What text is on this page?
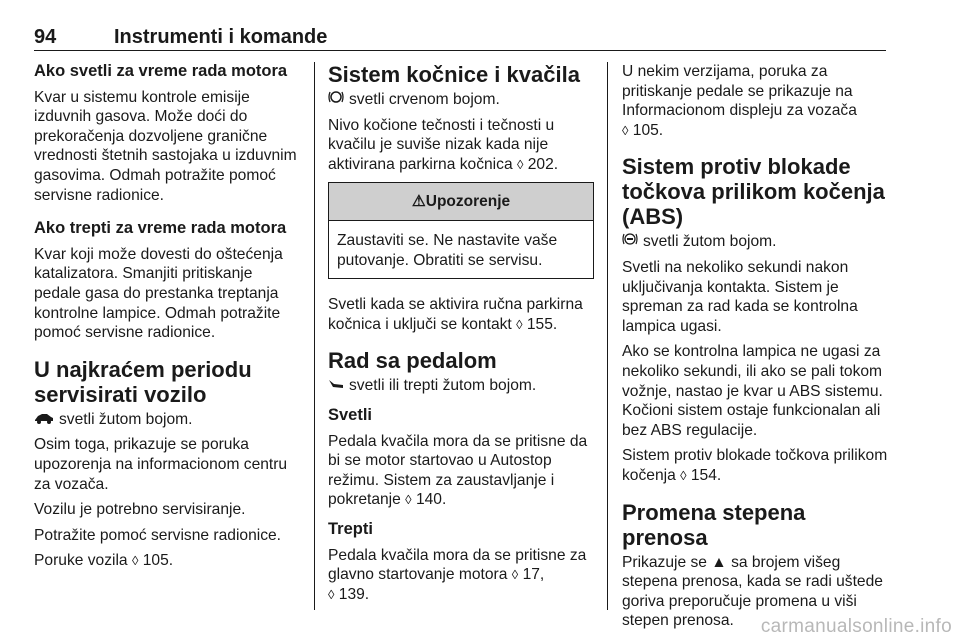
94	Instrumenti i komande
Ako svetli za vreme rada motora

Kvar u sistemu kontrole emisije izduvnih gasova. Može doći do prekoračenja dozvoljene granične vrednosti štetnih sastojaka u izduvnim gasovima. Odmah potražite pomoć servisne radionice.

Ako trepti za vreme rada motora

Kvar koji može dovesti do oštećenja katalizatora. Smanjiti pritiskanje pedale gasa do prestanka treptanja kontrolne lampice. Odmah potražite pomoć servisne radionice.

U najkraćem periodu servisirati vozilo

svetli žutom bojom.

Osim toga, prikazuje se poruka upozorenja na informacionom centru za vozača.

Vozilu je potrebno servisiranje.

Potražite pomoć servisne radionice.

Poruke vozila ◊ 105.

Sistem kočnice i kvačila

svetli crvenom bojom.

Nivo kočione tečnosti i tečnosti u kvačilu je suviše nizak kada nije aktivirana parkirna kočnica ◊ 202.

⚠Upozorenje
Zaustaviti se. Ne nastavite vaše putovanje. Obratiti se servisu.

Svetli kada se aktivira ručna parkirna kočnica i uključi se kontakt ◊ 155.

Rad sa pedalom

svetli ili trepti žutom bojom.

Svetli

Pedala kvačila mora da se pritisne da bi se motor startovao u Autostop režimu. Sistem za zaustavljanje i pokretanje ◊ 140.

Trepti

Pedala kvačila mora da se pritisne za glavno startovanje motora ◊ 17,
◊ 139.

U nekim verzijama, poruka za pritiskanje pedale se prikazuje na Informacionom displeju za vozača
◊ 105.

Sistem protiv blokade točkova prilikom kočenja (ABS)

svetli žutom bojom.

Svetli na nekoliko sekundi nakon uključivanja kontakta. Sistem je spreman za rad kada se kontrolna lampica ugasi.

Ako se kontrolna lampica ne ugasi za nekoliko sekundi, ili ako se pali tokom vožnje, nastao je kvar u ABS sistemu. Kočioni sistem ostaje funkcionalan ali bez ABS regulacije.

Sistem protiv blokade točkova prilikom kočenja ◊ 154.

Promena stepena prenosa

Prikazuje se ▲ sa brojem višeg stepena prenosa, kada se radi uštede goriva preporučuje promena u viši stepen prenosa.	carmanualsonline.info
